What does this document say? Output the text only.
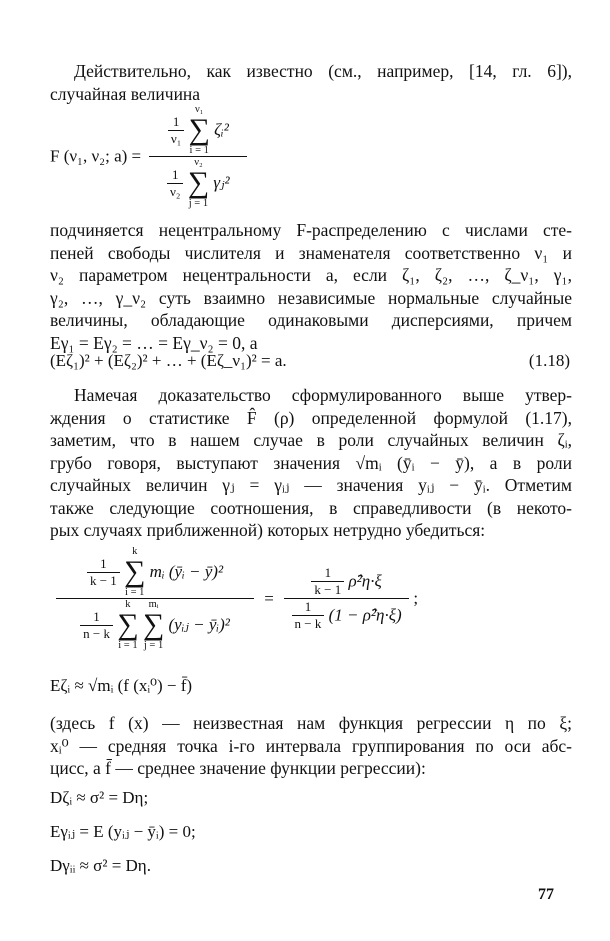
Действительно, как известно (см., например, [14, гл. 6]),
случайная величина
F (ν₁, ν₂; a) =
$\frac{1}{\text{ν₁}}$

ν₁
∑
i = 1
ζᵢ²
$\frac{1}{\text{ν₂}}$

ν₂
∑
j = 1
γⱼ²
подчиняется нецентральному F-распределению с числами сте-
пеней свободы числителя и знаменателя соответственно ν₁ и
ν₂ параметром нецентральности a, если ζ₁, ζ₂, …, ζ_ν₁, γ₁,
γ₂, …, γ_ν₂ суть взаимно независимые нормальные случайные
величины, обладающие одинаковыми дисперсиями, причем
Eγ₁ = Eγ₂ = … = Eγ_ν₂ = 0, а
(Eζ₁)² + (Eζ₂)² + … + (Eζ_ν₁)² = a.	(1.18)
Намечая доказательство сформулированного выше утвер-
ждения о статистике F̂ (ρ) определенной формулой (1.17),
заметим, что в нашем случае в роли случайных величин ζᵢ,
грубо говоря, выступают значения √mᵢ (ȳᵢ − ȳ), а в роли
случайных величин γⱼ = γᵢⱼ — значения yᵢⱼ − ȳᵢ. Отметим
также следующие соотношения, в справедливости (в некото-
рых случаях приближенной) которых нетрудно убедиться:
$\frac{1}{k - 1}$

k
∑
i = 1
mᵢ (ȳᵢ − ȳ)²
$\frac{1}{n - k}$

k
∑
i = 1

mᵢ
∑
j = 1
(yᵢⱼ − ȳᵢ)²
= $\frac{\frac{1}{k - 1} \rhô^2\eta\cdot\xi}{\frac{1}{n - k} (1 - \rhô^2\eta\cdot\xi)}$ ;
Eζᵢ ≈ √mᵢ (f (xᵢ⁰) − f̄)
(здесь f (x) — неизвестная нам функция регрессии η по ξ;
xᵢ⁰ — средняя точка i-го интервала группирования по оси абс-
цисс, а f̄ — среднее значение функции регрессии):
Dζᵢ ≈ σ² = Dη;
Eγᵢⱼ = E (yᵢⱼ − ȳᵢ) = 0;
Dγᵢᵢ ≈ σ² = Dη.
77
